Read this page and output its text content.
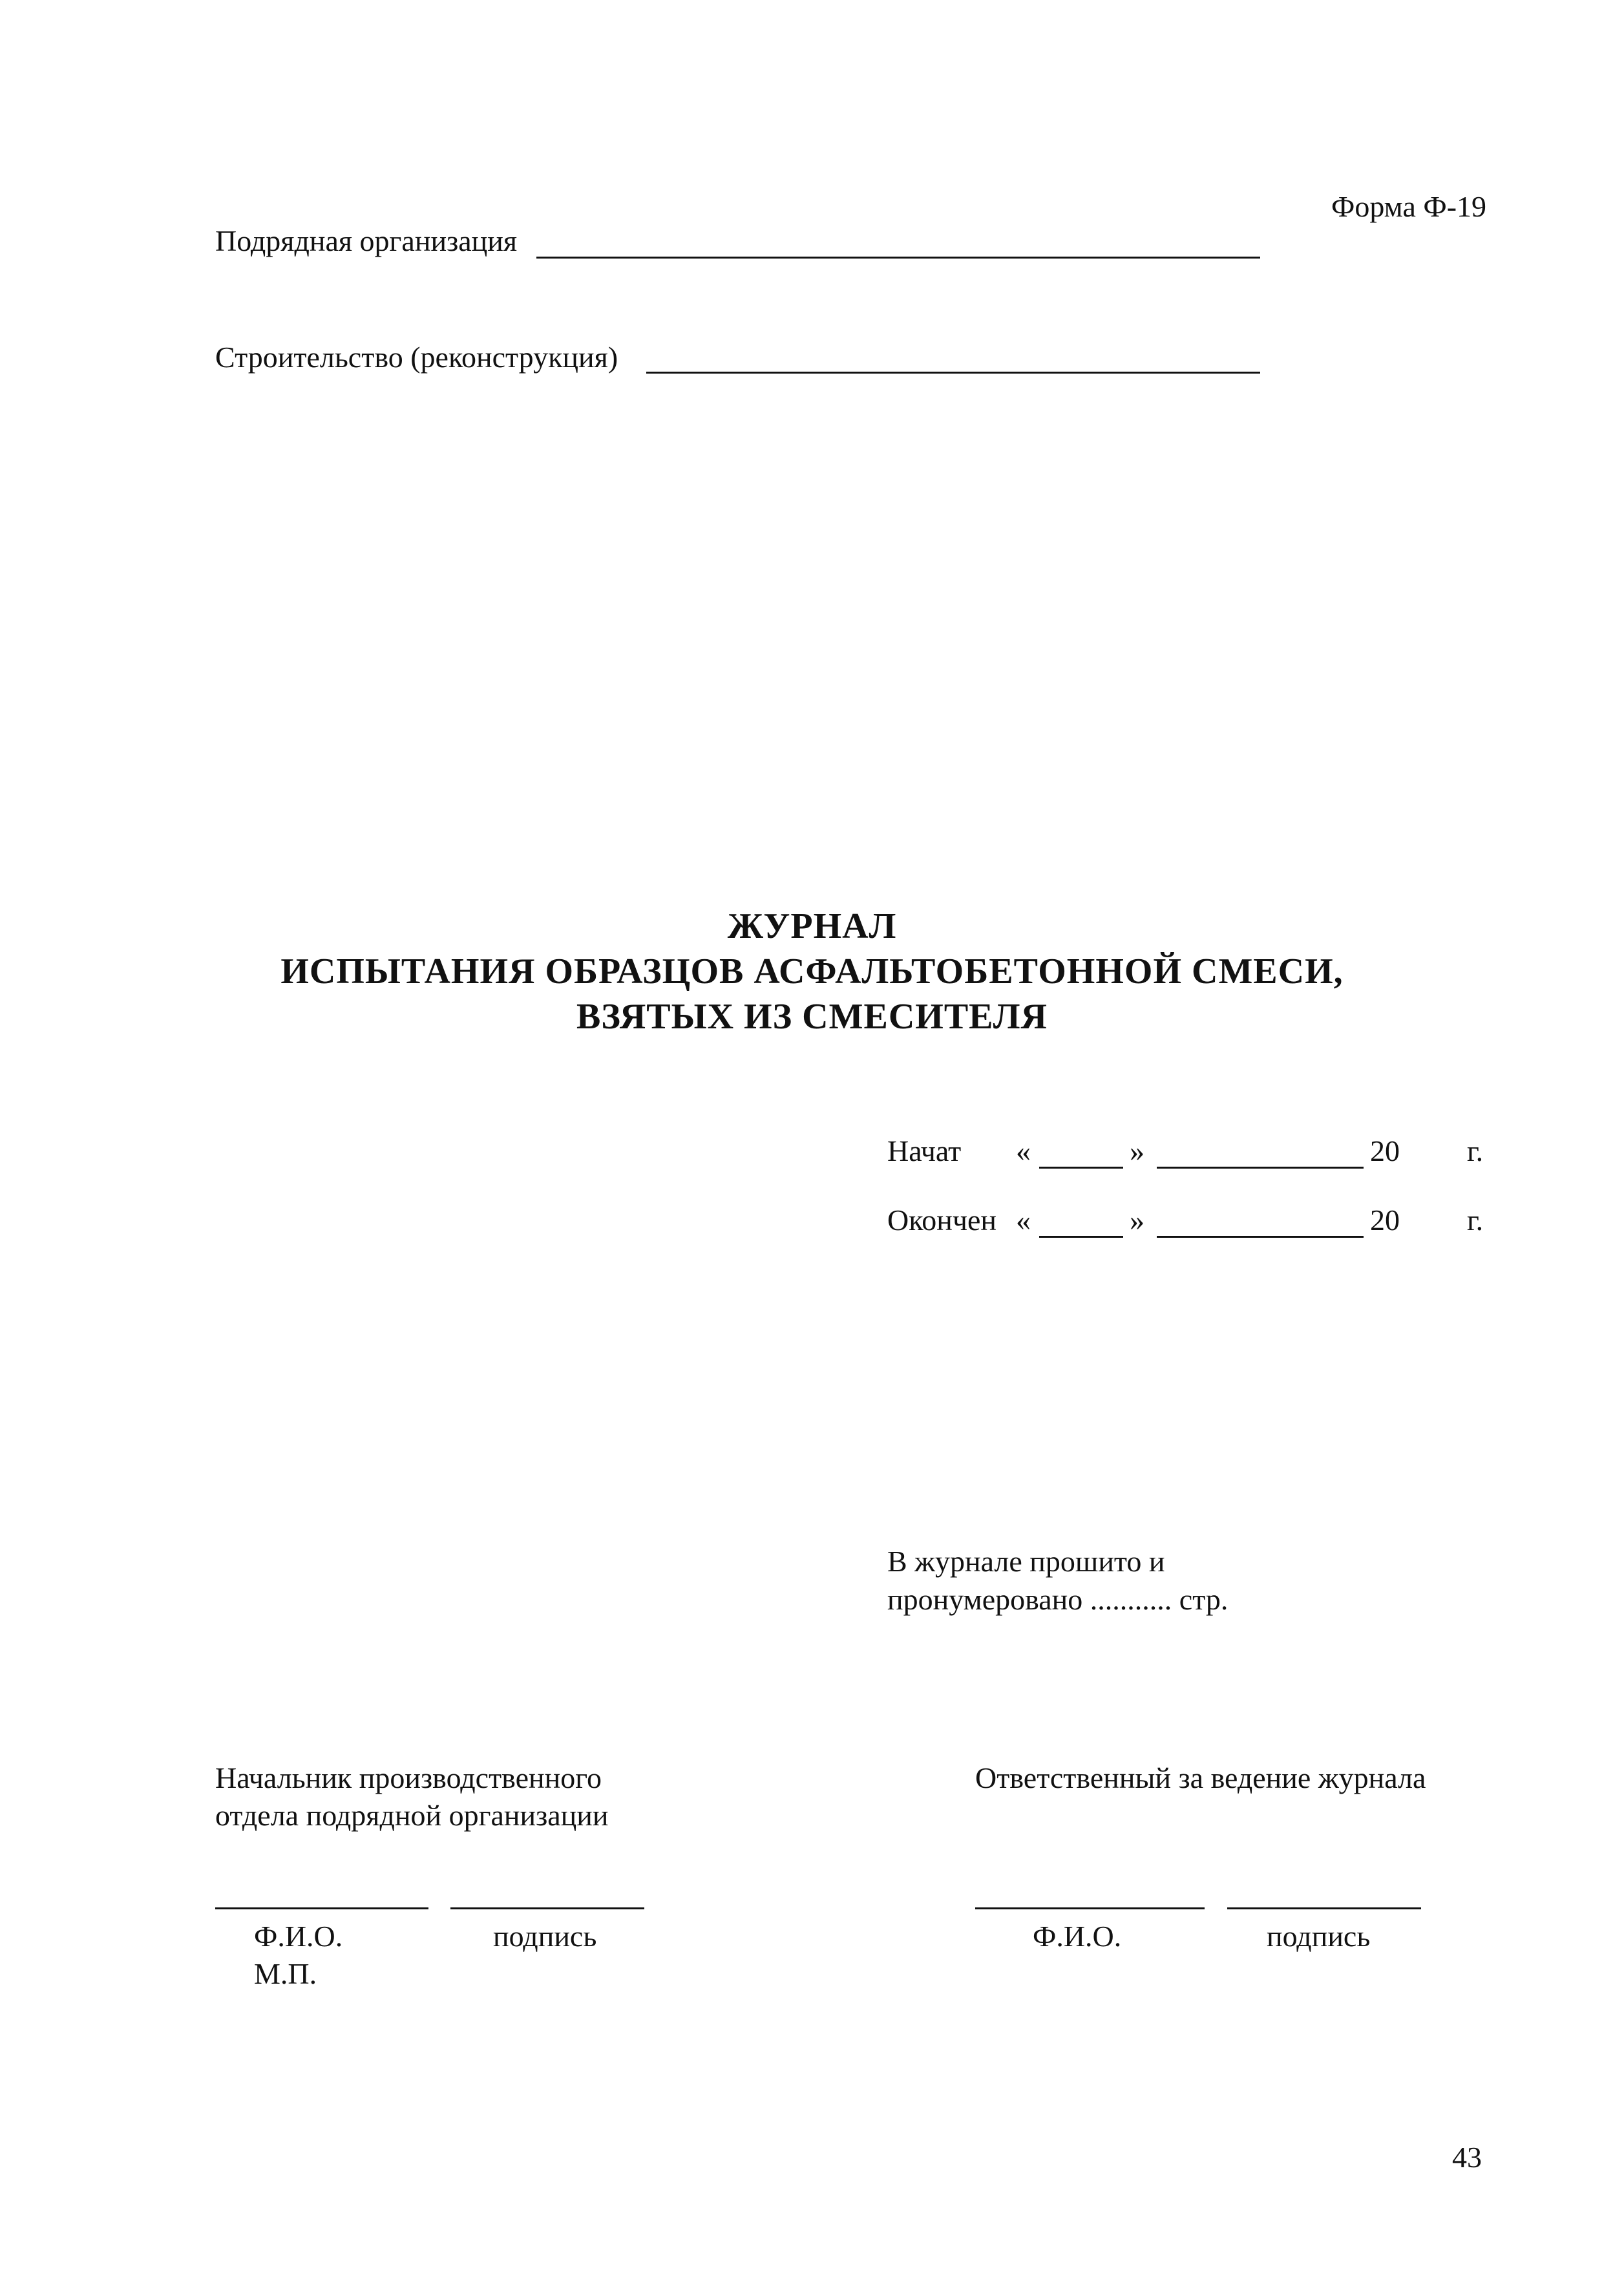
Форма Ф-19
Подрядная организация
Строительство (реконструкция)
ЖУРНАЛ
ИСПЫТАНИЯ ОБРАЗЦОВ АСФАЛЬТОБЕТОННОЙ СМЕСИ,
ВЗЯТЫХ ИЗ СМЕСИТЕЛЯ
Начат «	»	20 г.
Окончен «	»	20 г.
В журнале прошито и
пронумеровано ........... стр.
Начальник производственного
отдела подрядной организации
Ф.И.О.	подпись
М.П.
Ответственный за ведение журнала
Ф.И.О.	подпись
43
